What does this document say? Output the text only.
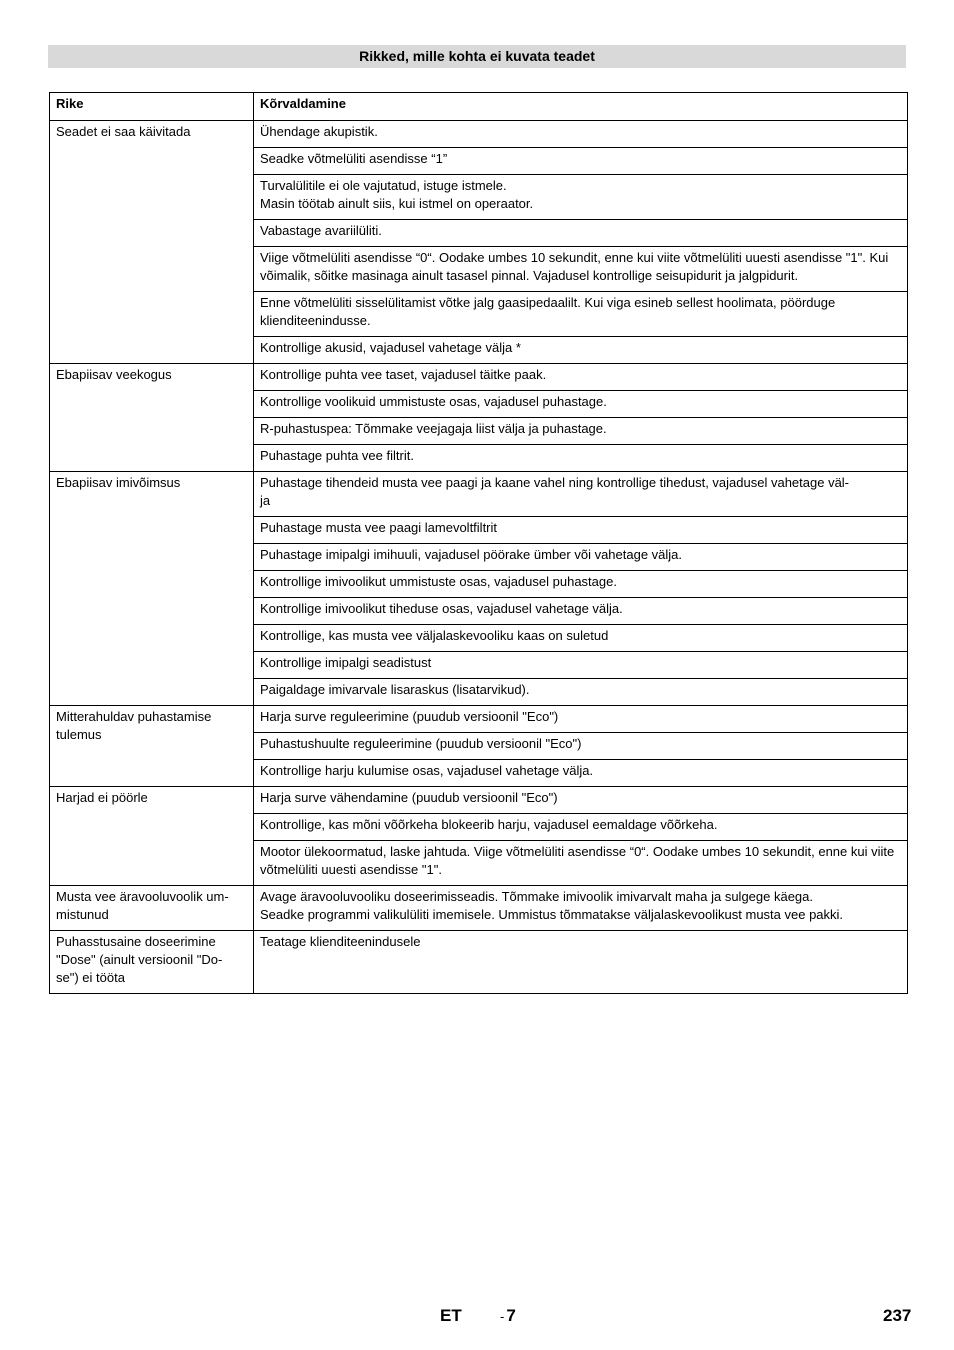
Rikked, mille kohta ei kuvata teadet
Rike	Kõrvaldamine
Seadet ei saa käivitada	Ühendage akupistik.
	Seadke võtmelüliti asendisse “1”
	Turvalülitile ei ole vajutatud, istuge istmele.
Masin töötab ainult siis, kui istmel on operaator.
	Vabastage avariilüliti.
	Viige võtmelüliti asendisse “0“. Oodake umbes 10 sekundit, enne kui viite võtmelüliti uuesti asendisse "1". Kui võimalik, sõitke masinaga ainult tasasel pinnal. Vajadusel kontrollige seisupidurit ja jalgpidurit.
	Enne võtmelüliti sisselülitamist võtke jalg gaasipedaalilt. Kui viga esineb sellest hoolimata, pöörduge klienditeenindusse.
	Kontrollige akusid, vajadusel vahetage välja *
Ebapiisav veekogus	Kontrollige puhta vee taset, vajadusel täitke paak.
	Kontrollige voolikuid ummistuste osas, vajadusel puhastage.
	R-puhastuspea: Tõmmake veejagaja liist välja ja puhastage.
	Puhastage puhta vee filtrit.
Ebapiisav imivõimsus	Puhastage tihendeid musta vee paagi ja kaane vahel ning kontrollige tihedust, vajadusel vahetage väl-
ja
	Puhastage musta vee paagi lamevoltfiltrit
	Puhastage imipalgi imihuuli, vajadusel pöörake ümber või vahetage välja.
	Kontrollige imivoolikut ummistuste osas, vajadusel puhastage.
	Kontrollige imivoolikut tiheduse osas, vajadusel vahetage välja.
	Kontrollige, kas musta vee väljalaskevooliku kaas on suletud
	Kontrollige imipalgi seadistust
	Paigaldage imivarvale lisaraskus (lisatarvikud).
Mitterahuldav puhastamise
tulemus	Harja surve reguleerimine (puudub versioonil "Eco")
	Puhastushuulte reguleerimine (puudub versioonil "Eco")
	Kontrollige harju kulumise osas, vajadusel vahetage välja.
Harjad ei pöörle	Harja surve vähendamine (puudub versioonil "Eco")
	Kontrollige, kas mõni võõrkeha blokeerib harju, vajadusel eemaldage võõrkeha.
	Mootor ülekoormatud, laske jahtuda. Viige võtmelüliti asendisse “0“. Oodake umbes 10 sekundit, enne kui viite võtmelüliti uuesti asendisse "1".
Musta vee äravooluvoolik um-
mistunud	Avage äravooluvooliku doseerimisseadis. Tõmmake imivoolik imivarvalt maha ja sulgege käega.
Seadke programmi valikulüliti imemisele. Ummistus tõmmatakse väljalaskevoolikust musta vee pakki.
Puhasstusaine doseerimine
"Dose" (ainult versioonil "Do-
se") ei tööta	Teatage klienditeenindusele
ET	- 7	237
